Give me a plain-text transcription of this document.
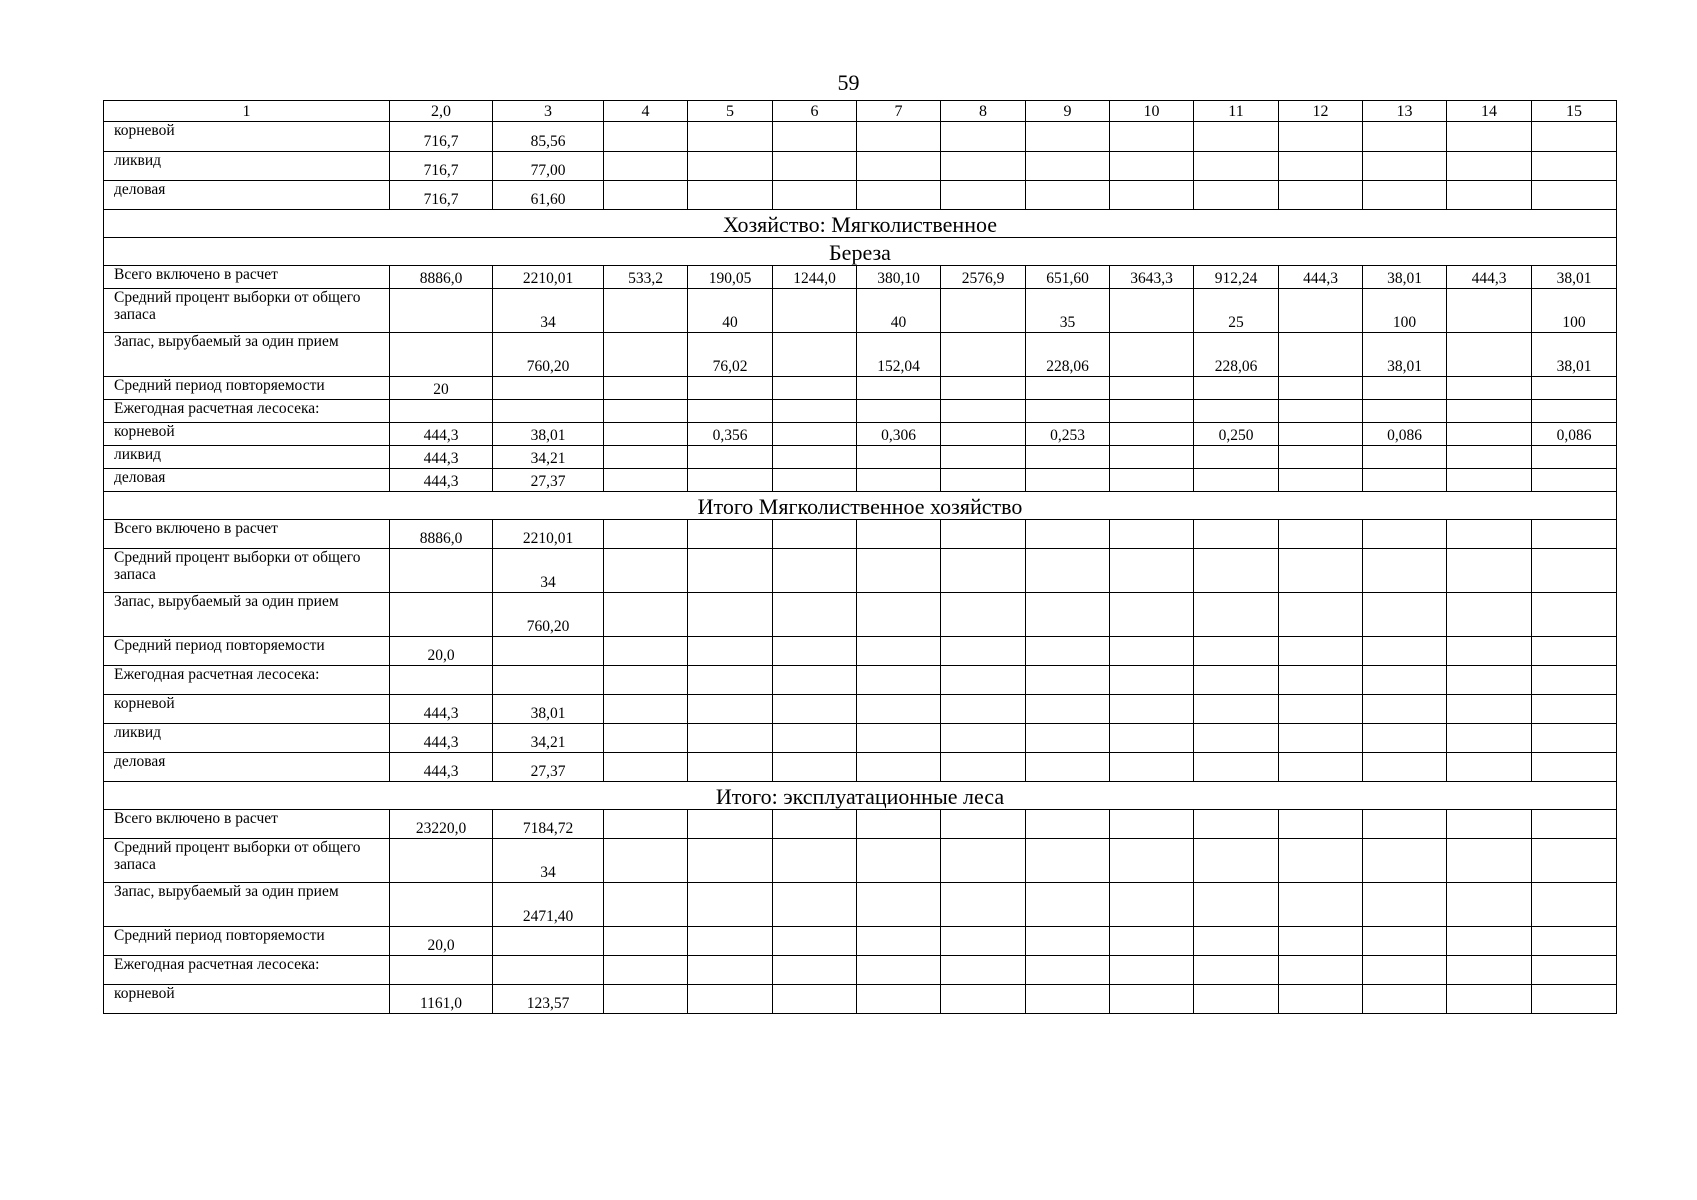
59
1	2,0	3	4	5	6	7	8	9	10	11	12	13	14	15
корневой	716,7	85,56												
ликвид	716,7	77,00												
деловая	716,7	61,60												
Хозяйство: Мягколиственное														
Береза														
Всего включено в расчет	8886,0	2210,01	533,2	190,05	1244,0	380,10	2576,9	651,60	3643,3	912,24	444,3	38,01	444,3	38,01
Средний процент выборки от общего запаса		34		40		40		35		25		100		100
Запас, вырубаемый за один прием		760,20		76,02		152,04		228,06		228,06		38,01		38,01
Средний период повторяемости	20													
Ежегодная расчетная лесосека:														
корневой	444,3	38,01		0,356		0,306		0,253		0,250		0,086		0,086
ликвид	444,3	34,21												
деловая	444,3	27,37												
Итого Мягколиственное хозяйство														
Всего включено в расчет	8886,0	2210,01												
Средний процент выборки от общего запаса		34												
Запас, вырубаемый за один прием		760,20												
Средний период повторяемости	20,0													
Ежегодная расчетная лесосека:														
корневой	444,3	38,01												
ликвид	444,3	34,21												
деловая	444,3	27,37												
Итого: эксплуатационные леса														
Всего включено в расчет	23220,0	7184,72												
Средний процент выборки от общего запаса		34												
Запас, вырубаемый за один прием		2471,40												
Средний период повторяемости	20,0													
Ежегодная расчетная лесосека:														
корневой	1161,0	123,57												
